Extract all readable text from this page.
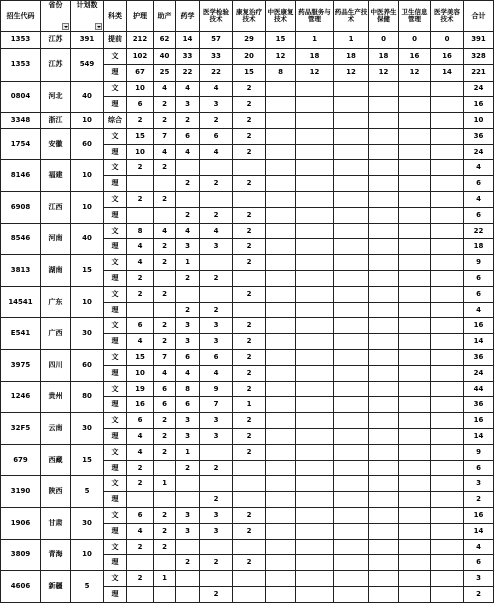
招生代码	省份	计划数	科类	护理	助产	药学	医学检验技术	康复治疗技术	中医康复技术	药品服务与管理	药品生产技术	中医养生保健	卫生信息管理	医学美容技术	合计
1353	江苏	391	提前	212	62	14	57	29	15	1	1	0	0	0	391
1353	江苏	549	文	102	40	33	33	20	12	18	18	18	16	16	328
			理	67	25	22	22	15	8	12	12	12	12	14	221
0804	河北	40	文	10	4	4	4	2							24
			理	6	2	3	3	2							16
3348	浙江	10	综合	2	2	2	2	2							10
1754	安徽	60	文	15	7	6	6	2							36
			理	10	4	4	4	2							24
8146	福建	10	文	2	2										4
			理			2	2	2							6
6908	江西	10	文	2	2										4
			理			2	2	2							6
8546	河南	40	文	8	4	4	4	2							22
			理	4	2	3	3	2							18
3813	湖南	15	文	4	2	1		2							9
			理	2		2	2								6
14541	广东	10	文	2	2			2							6
			理			2	2								4
E541	广西	30	文	6	2	3	3	2							16
			理	4	2	3	3	2							14
3975	四川	60	文	15	7	6	6	2							36
			理	10	4	4	4	2							24
1246	贵州	80	文	19	6	8	9	2							44
			理	16	6	6	7	1							36
32F5	云南	30	文	6	2	3	3	2							16
			理	4	2	3	3	2							14
679	西藏	15	文	4	2	1		2							9
			理	2		2	2								6
3190	陕西	5	文	2	1										3
			理				2								2
1906	甘肃	30	文	6	2	3	3	2							16
			理	4	2	3	3	2							14
3809	青海	10	文	2	2										4
			理			2	2	2							6
4606	新疆	5	文	2	1										3
			理				2								2
